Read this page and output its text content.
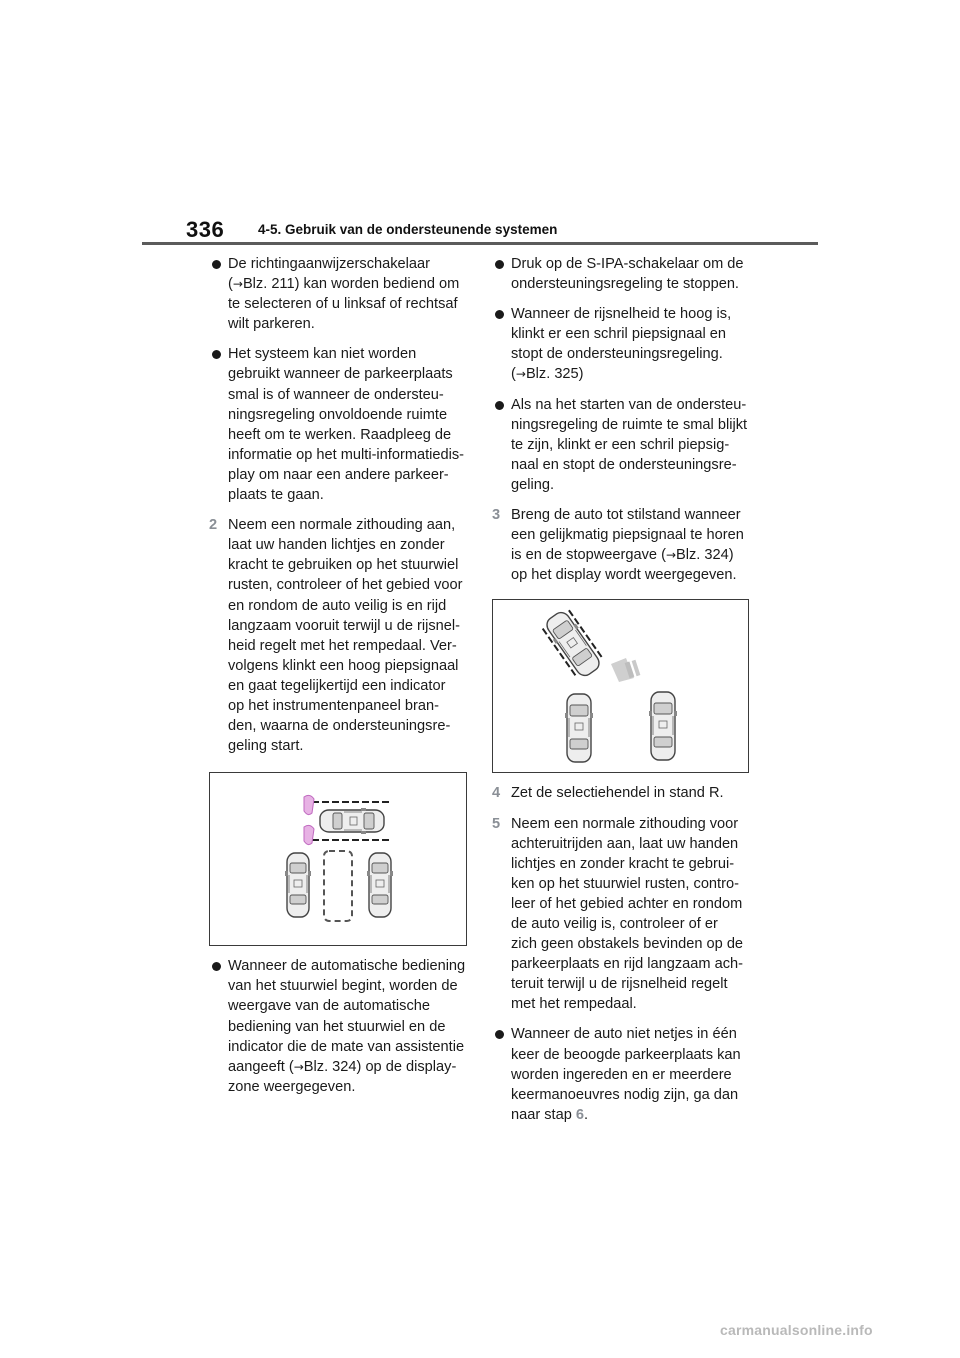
336	4-5. Gebruik van de ondersteunende systemen
De richtingaanwijzerschakelaar
(→Blz. 211) kan worden bediend om
te selecteren of u linksaf of rechtsaf
wilt parkeren.
Het systeem kan niet worden
gebruikt wanneer de parkeerplaats
smal is of wanneer de ondersteu-
ningsregeling onvoldoende ruimte
heeft om te werken. Raadpleeg de
informatie op het multi-informatiedis-
play om naar een andere parkeer-
plaats te gaan.
2 Neem een normale zithouding aan,
laat uw handen lichtjes en zonder
kracht te gebruiken op het stuurwiel
rusten, controleer of het gebied voor
en rondom de auto veilig is en rijd
langzaam vooruit terwijl u de rijsnel-
heid regelt met het rempedaal. Ver-
volgens klinkt een hoog piepsignaal
en gaat tegelijkertijd een indicator
op het instrumentenpaneel bran-
den, waarna de ondersteuningsre-
geling start.
Wanneer de automatische bediening
van het stuurwiel begint, worden de
weergave van de automatische
bediening van het stuurwiel en de
indicator die de mate van assistentie
aangeeft (→Blz. 324) op de display-
zone weergegeven.
Druk op de S-IPA-schakelaar om de
ondersteuningsregeling te stoppen.
Wanneer de rijsnelheid te hoog is,
klinkt er een schril piepsignaal en
stopt de ondersteuningsregeling.
(→Blz. 325)
Als na het starten van de ondersteu-
ningsregeling de ruimte te smal blijkt
te zijn, klinkt er een schril piepsig-
naal en stopt de ondersteuningsre-
geling.
3 Breng de auto tot stilstand wanneer
een gelijkmatig piepsignaal te horen
is en de stopweergave (→Blz. 324)
op het display wordt weergegeven.
4 Zet de selectiehendel in stand R.
5 Neem een normale zithouding voor
achteruitrijden aan, laat uw handen
lichtjes en zonder kracht te gebrui-
ken op het stuurwiel rusten, contro-
leer of het gebied achter en rondom
de auto veilig is, controleer of er
zich geen obstakels bevinden op de
parkeerplaats en rijd langzaam ach-
teruit terwijl u de rijsnelheid regelt
met het rempedaal.
Wanneer de auto niet netjes in één
keer de beoogde parkeerplaats kan
worden ingereden en er meerdere
keermanoeuvres nodig zijn, ga dan
naar stap 6.
carmanualsonline.info
